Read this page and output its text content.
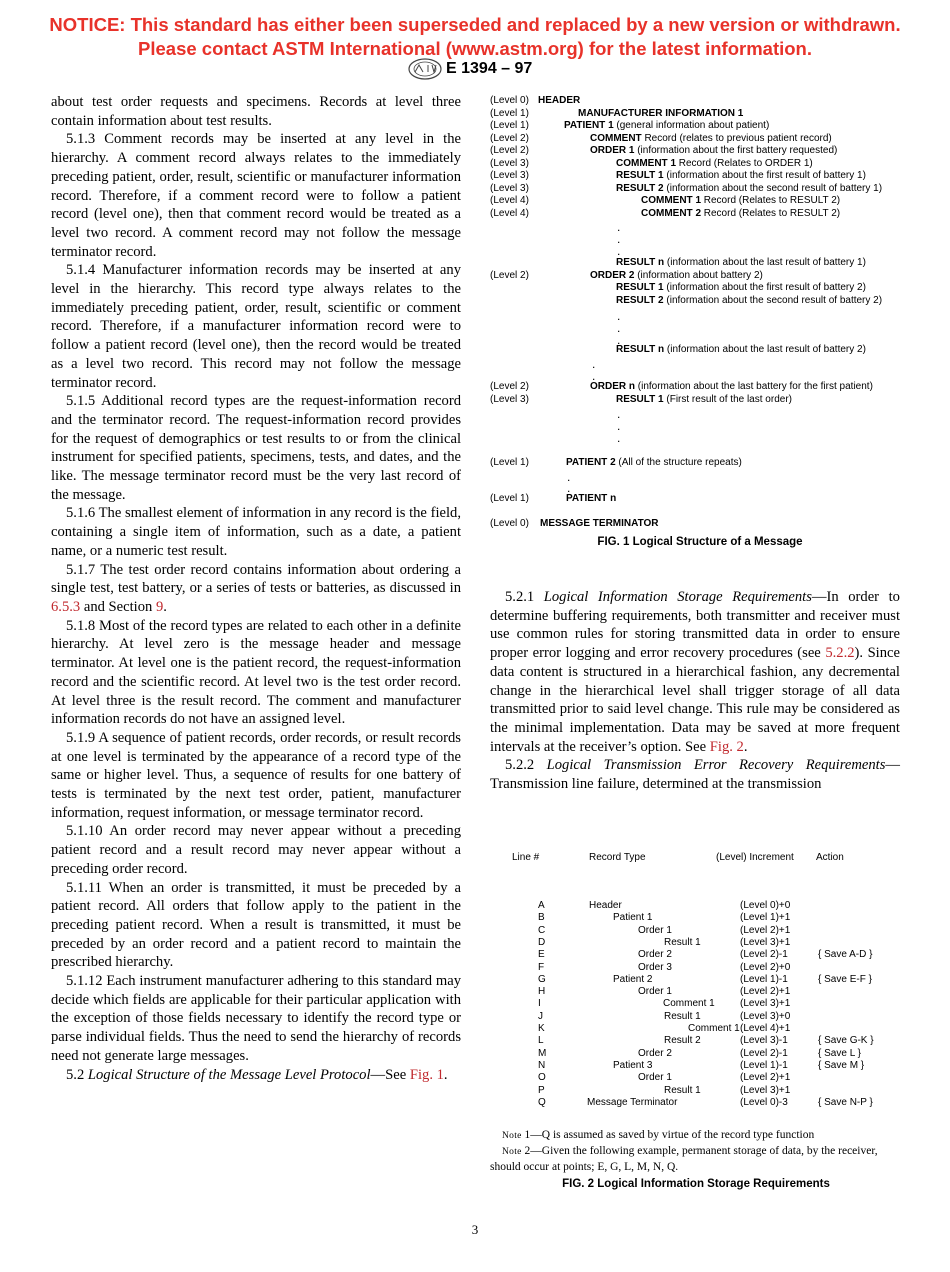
NOTICE: This standard has either been superseded and replaced by a new version or withdrawn.
Please contact ASTM International (www.astm.org) for the latest information.
E 1394 – 97

about test order requests and specimens. Records at level three contain information about test results.

5.1.3 Comment records may be inserted at any level in the hierarchy. A comment record always relates to the immediately preceding patient, order, result, scientific or manufacturer information record. Therefore, if a comment record were to follow a patient record (level one), then that comment record would be treated as a level two record. A comment record may not follow the message terminator record.

5.1.4 Manufacturer information records may be inserted at any level in the hierarchy. This record type always relates to the immediately preceding patient, order, result, scientific or comment record. Therefore, if a manufacturer information record were to follow a patient record (level one), then the record would be treated as a level two record. This record may not follow the message terminator record.

5.1.5 Additional record types are the request-information record and the terminator record. The request-information record provides for the request of demographics or test results to or from the clinical instrument for specified patients, specimens, tests, and dates, and the like. The message terminator record must be the very last record of the message.

5.1.6 The smallest element of information in any record is the field, containing a single item of information, such as a date, a patient name, or a numeric test result.

5.1.7 The test order record contains information about ordering a single test, test battery, or a series of tests or batteries, as discussed in 6.5.3 and Section 9.

5.1.8 Most of the record types are related to each other in a definite hierarchy. At level zero is the message header and message terminator. At level one is the patient record, the request-information record and the scientific record. At level two is the test order record. At level three is the result record. The comment and manufacturer information records do not have an assigned level.

5.1.9 A sequence of patient records, order records, or result records at one level is terminated by the appearance of a record type of the same or higher level. Thus, a sequence of results for one battery of tests is terminated by the next test order, patient, manufacturer information, request information, or message terminator record.

5.1.10 An order record may never appear without a preceding patient record and a result record may never appear without a preceding order record.

5.1.11 When an order is transmitted, it must be preceded by a patient record. All orders that follow apply to the patient in the preceding patient record. When a result is transmitted, it must be preceded by an order record and a patient record to maintain the prescribed hierarchy.

5.1.12 Each instrument manufacturer adhering to this standard may decide which fields are applicable for their particular application with the exception of those fields necessary to identify the record type or parse individual fields. Thus the need to send the hierarchy of records need not generate large messages.

5.2 Logical Structure of the Message Level Protocol—See Fig. 1.

(Level 0) HEADER
(Level 1)	MANUFACTURER INFORMATION 1
(Level 1)	PATIENT 1 (general information about patient)
(Level 2)	COMMENT Record (relates to previous patient record)
(Level 2)	ORDER 1 (information about the first battery requested)
(Level 3)	COMMENT 1 Record (Relates to ORDER 1)
(Level 3)	RESULT 1 (information about the first result of battery 1)
(Level 3)	RESULT 2 (information about the second result of battery 1)
(Level 4)	COMMENT 1 Record (Relates to RESULT 2)
(Level 4)	COMMENT 2 Record (Relates to RESULT 2)
.
.
.
RESULT n (information about the last result of battery 1)
(Level 2)	ORDER 2 (information about battery 2)
RESULT 1 (information about the first result of battery 2)
RESULT 2 (information about the second result of battery 2)
.
.
.
RESULT n (information about the last result of battery 2)
.
.
(Level 2)	ORDER n (information about the last battery for the first patient)
(Level 3)	RESULT 1 (First result of the last order)
.
.
.
(Level 1)	PATIENT 2 (All of the structure repeats)
.
.
(Level 1)	PATIENT n
(Level 0) MESSAGE TERMINATOR
FIG. 1 Logical Structure of a Message

5.2.1 Logical Information Storage Requirements—In order to determine buffering requirements, both transmitter and receiver must use common rules for storing transmitted data in order to ensure proper error logging and error recovery procedures (see 5.2.2). Since data content is structured in a hierarchical fashion, any decremental change in the hierarchical level shall trigger storage of all data transmitted prior to said level change. This rule may be considered as the minimal implementation. Data may be saved at more frequent intervals at the receiver’s option. See Fig. 2.

5.2.2 Logical Transmission Error Recovery Requirements— Transmission line failure, determined at the transmission

Line #	Record Type	(Level) Increment Action
A	Header	(Level 0)+0
B	Patient 1	(Level 1)+1
C	Order 1	(Level 2)+1
D	Result 1	(Level 3)+1
E	Order 2	(Level 2)-1	{ Save A-D }
F	Order 3	(Level 2)+0
G	Patient 2	(Level 1)-1	{ Save E-F }
H	Order 1	(Level 2)+1
I	Comment 1	(Level 3)+1
J	Result 1	(Level 3)+0
K	Comment 1 (Level 4)+1
L	Result 2	(Level 3)-1	{ Save G-K }
M	Order 2	(Level 2)-1	{ Save L }
N	Patient 3	(Level 1)-1	{ Save M }
O	Order 1	(Level 2)+1
P	Result 1	(Level 3)+1
Q	Message Terminator	(Level 0)-3	{ Save N-P }

Note 1—Q is assumed as saved by virtue of the record type function

Note 2—Given the following example, permanent storage of data, by the receiver, should occur at points; E, G, L, M, N, Q.

FIG. 2 Logical Information Storage Requirements
3
